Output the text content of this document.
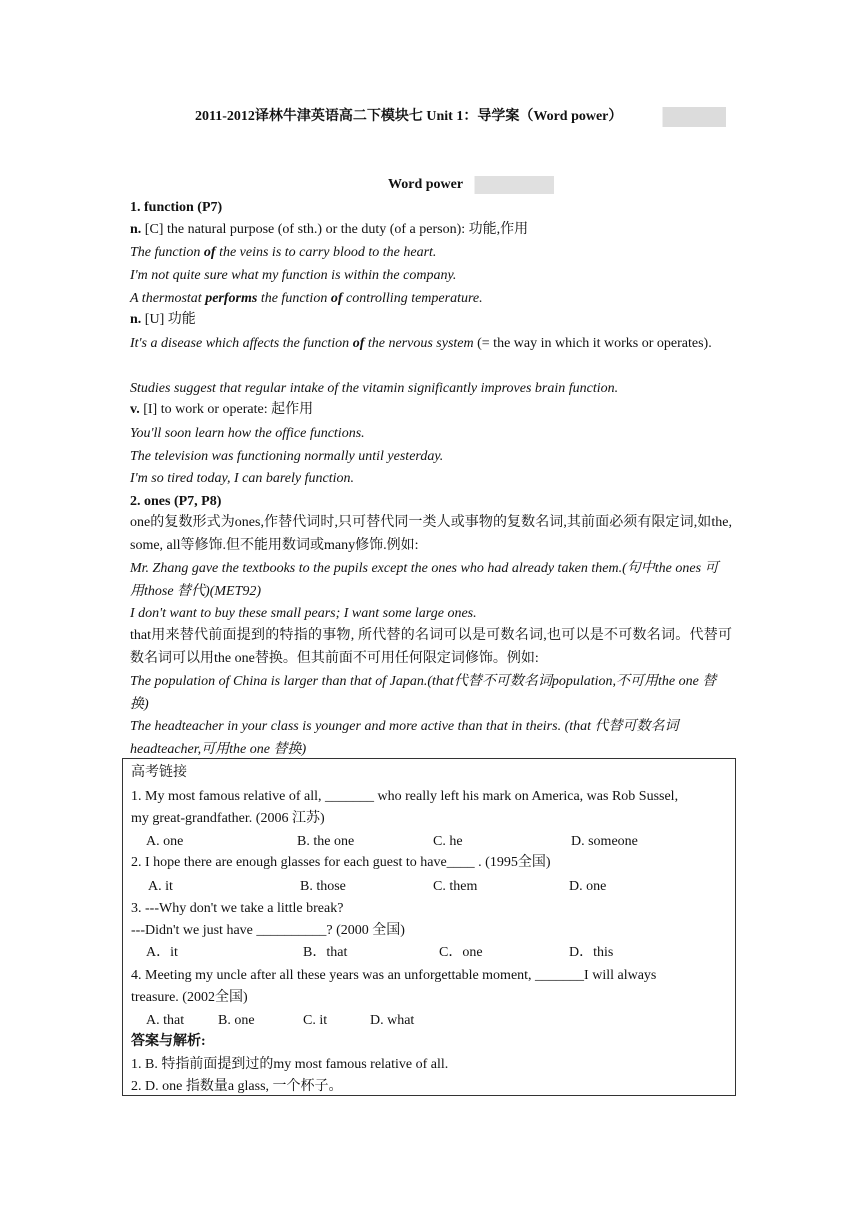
2011-2012译林牛津英语高二下模块七 Unit 1：导学案（Word power）
Word power
1. function (P7)
n. [C] the natural purpose (of sth.) or the duty (of a person): 功能,作用
The function of the veins is to carry blood to the heart.
I'm not quite sure what my function is within the company.
A thermostat performs the function of controlling temperature.
n. [U] 功能
It's a disease which affects the function of the nervous system (= the way in which it works or operates).
Studies suggest that regular intake of the vitamin significantly improves brain function.
v. [I] to work or operate: 起作用
You'll soon learn how the office functions.
The television was functioning normally until yesterday.
I'm so tired today, I can barely function.
2. ones (P7, P8)
one的复数形式为ones,作替代词时,只可替代同一类人或事物的复数名词,其前面必须有限定词,如the, some, all等修饰.但不能用数词或many修饰.例如:
Mr. Zhang gave the textbooks to the pupils except the ones who had already taken them.(句中the ones 可用those 替代)(MET92)
I don't want to buy these small pears; I want some large ones.
that用来替代前面提到的特指的事物, 所代替的名词可以是可数名词,也可以是不可数名词。代替可数名词可以用the one替换。但其前面不可用任何限定词修饰。例如:
The population of China is larger than that of Japan.(that代替不可数名词population,不可用the one 替换)
The headteacher in your class is younger and more active than that in theirs. (that 代替可数名词headteacher,可用the one 替换)
高考链接
1. My most famous relative of all, _______ who really left his mark on America, was Rob Sussel,
my great-grandfather. (2006 江苏)
A. one	B. the one	C. he	D. someone
2. I hope there are enough glasses for each guest to have____ . (1995全国)
A. it	B. those	C. them	D. one
3. ---Why don't we take a little break?
---Didn't we just have __________? (2000 全国)
A．it	B．that	C．one	D．this
4. Meeting my uncle after all these years was an unforgettable moment, _______I will always
treasure. (2002全国)
A. that B. one	C. it	D. what
答案与解析:
1. B. 特指前面提到过的my most famous relative of all.
2. D. one 指数量a glass, 一个杯子。
